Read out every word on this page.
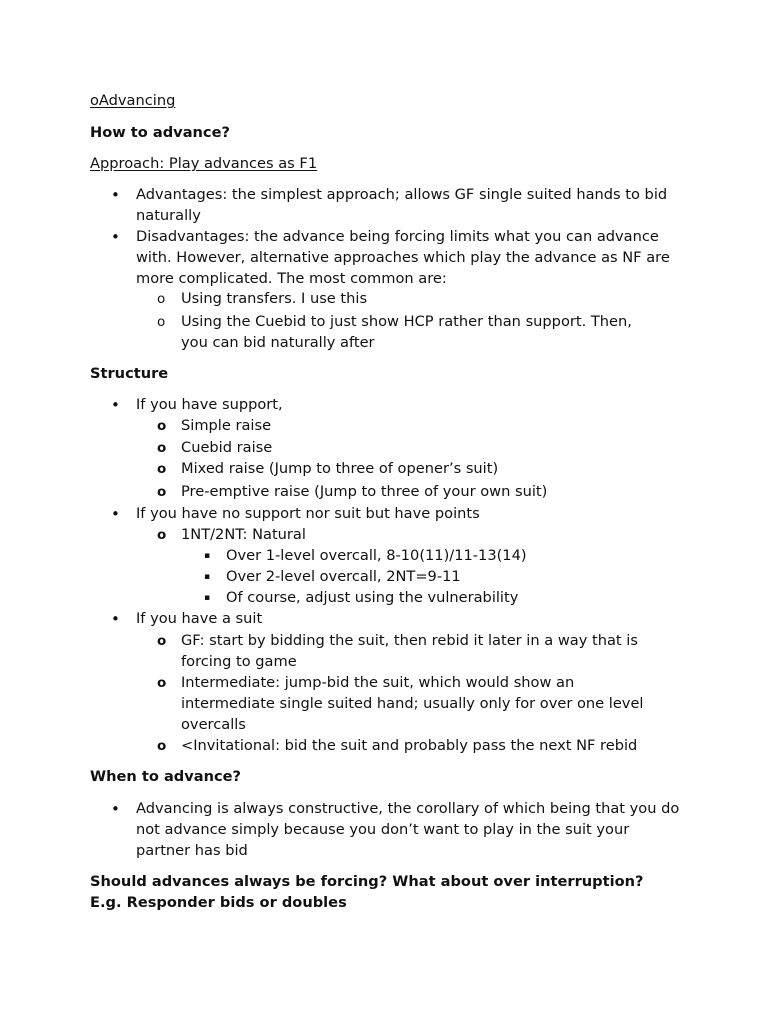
oAdvancing
How to advance?
Approach: Play advances as F1
• Advantages: the simplest approach; allows GF single suited hands to bid naturally
• Disadvantages: the advance being forcing limits what you can advance with. However, alternative approaches which play the advance as NF are more complicated. The most common are:
o Using transfers. I use this
o Using the Cuebid to just show HCP rather than support. Then, you can bid naturally after
Structure
• If you have support,
o Simple raise
o Cuebid raise
o Mixed raise (Jump to three of opener’s suit)
o Pre-emptive raise (Jump to three of your own suit)
• If you have no support nor suit but have points
o 1NT/2NT: Natural
▪ Over 1-level overcall, 8-10(11)/11-13(14)
▪ Over 2-level overcall, 2NT=9-11
▪ Of course, adjust using the vulnerability
• If you have a suit
o GF: start by bidding the suit, then rebid it later in a way that is forcing to game
o Intermediate: jump-bid the suit, which would show an intermediate single suited hand; usually only for over one level overcalls
o <Invitational: bid the suit and probably pass the next NF rebid
When to advance?
• Advancing is always constructive, the corollary of which being that you do not advance simply because you don’t want to play in the suit your partner has bid
Should advances always be forcing? What about over interruption? E.g. Responder bids or doubles
